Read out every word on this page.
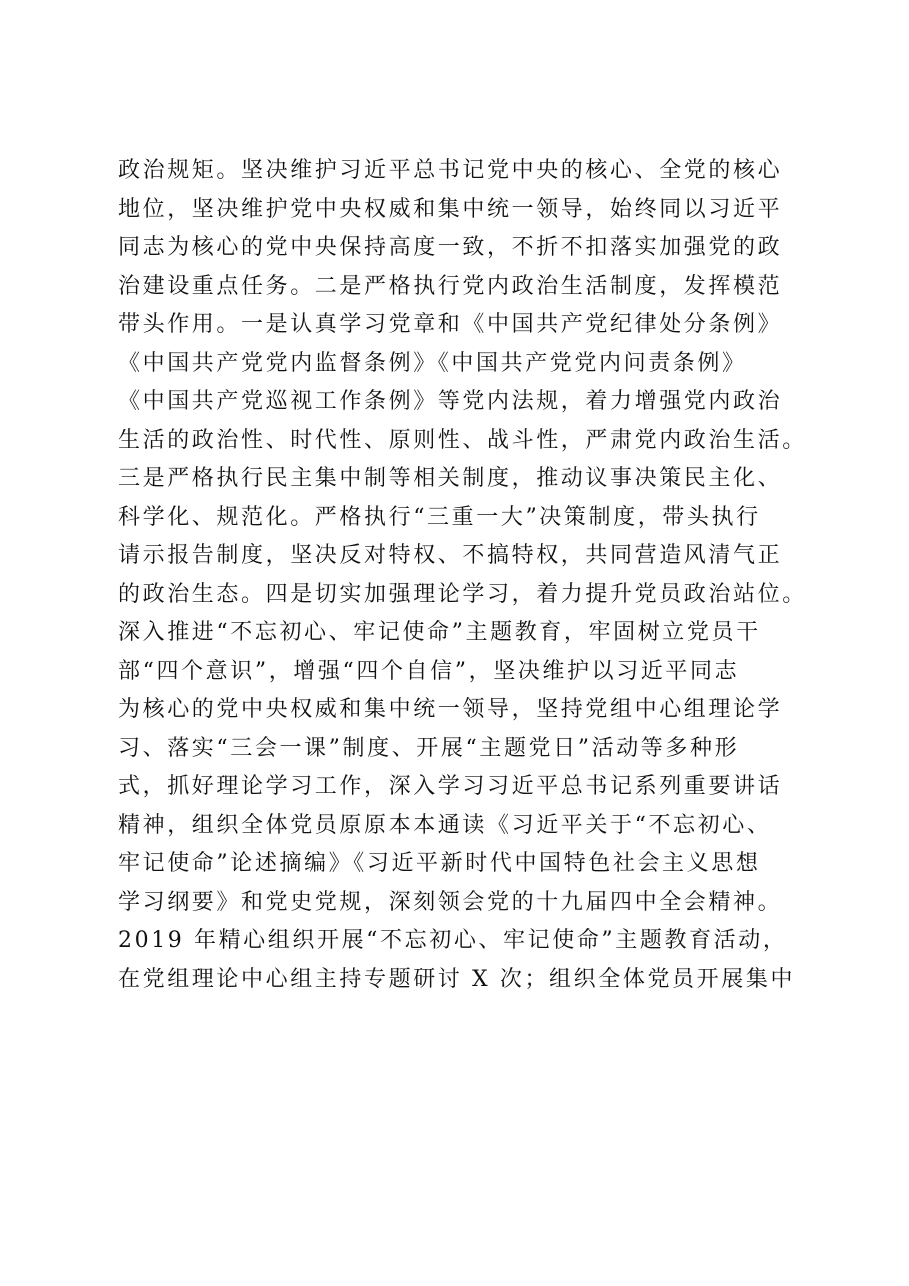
政治规矩。坚决维护习近平总书记党中央的核心、全党的核心
地位，坚决维护党中央权威和集中统一领导，始终同以习近平
同志为核心的党中央保持高度一致，不折不扣落实加强党的政
治建设重点任务。二是严格执行党内政治生活制度，发挥模范
带头作用。一是认真学习党章和《中国共产党纪律处分条例》
《中国共产党党内监督条例》《中国共产党党内问责条例》
《中国共产党巡视工作条例》等党内法规，着力增强党内政治
生活的政治性、时代性、原则性、战斗性，严肃党内政治生活。
三是严格执行民主集中制等相关制度，推动议事决策民主化、
科学化、规范化。严格执行“三重一大”决策制度，带头执行
请示报告制度，坚决反对特权、不搞特权，共同营造风清气正
的政治生态。四是切实加强理论学习，着力提升党员政治站位。
深入推进“不忘初心、牢记使命”主题教育，牢固树立党员干
部“四个意识”，增强“四个自信”，坚决维护以习近平同志
为核心的党中央权威和集中统一领导，坚持党组中心组理论学
习、落实“三会一课”制度、开展“主题党日”活动等多种形
式，抓好理论学习工作，深入学习习近平总书记系列重要讲话
精神，组织全体党员原原本本通读《习近平关于“不忘初心、
牢记使命”论述摘编》《习近平新时代中国特色社会主义思想
学习纲要》和党史党规，深刻领会党的十九届四中全会精神。
2019 年精心组织开展“不忘初心、牢记使命”主题教育活动，
在党组理论中心组主持专题研讨 X 次；组织全体党员开展集中
